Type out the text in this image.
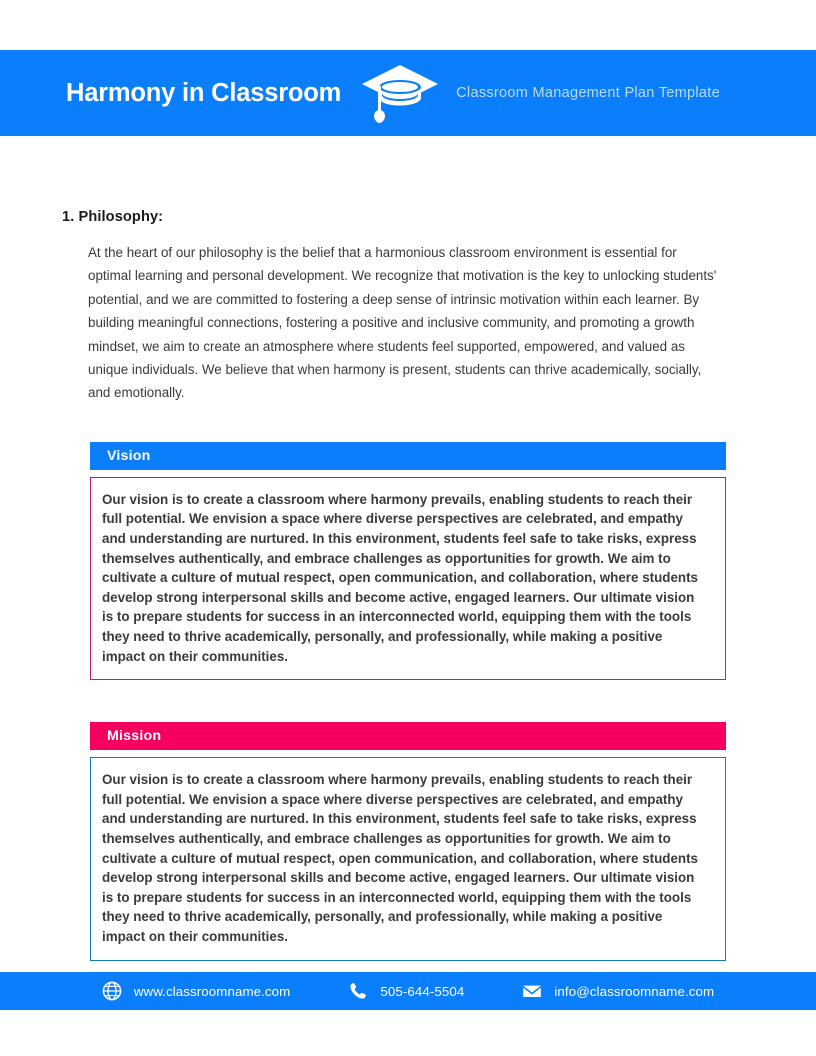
Harmony in Classroom	Classroom Management Plan Template
1. Philosophy:
At the heart of our philosophy is the belief that a harmonious classroom environment is essential for optimal learning and personal development. We recognize that motivation is the key to unlocking students' potential, and we are committed to fostering a deep sense of intrinsic motivation within each learner. By building meaningful connections, fostering a positive and inclusive community, and promoting a growth mindset, we aim to create an atmosphere where students feel supported, empowered, and valued as unique individuals. We believe that when harmony is present, students can thrive academically, socially, and emotionally.
Vision
Our vision is to create a classroom where harmony prevails, enabling students to reach their full potential. We envision a space where diverse perspectives are celebrated, and empathy and understanding are nurtured. In this environment, students feel safe to take risks, express themselves authentically, and embrace challenges as opportunities for growth. We aim to cultivate a culture of mutual respect, open communication, and collaboration, where students develop strong interpersonal skills and become active, engaged learners. Our ultimate vision is to prepare students for success in an interconnected world, equipping them with the tools they need to thrive academically, personally, and professionally, while making a positive impact on their communities.
Mission
Our vision is to create a classroom where harmony prevails, enabling students to reach their full potential. We envision a space where diverse perspectives are celebrated, and empathy and understanding are nurtured. In this environment, students feel safe to take risks, express themselves authentically, and embrace challenges as opportunities for growth. We aim to cultivate a culture of mutual respect, open communication, and collaboration, where students develop strong interpersonal skills and become active, engaged learners. Our ultimate vision is to prepare students for success in an interconnected world, equipping them with the tools they need to thrive academically, personally, and professionally, while making a positive impact on their communities.
www.classroomname.com	505-644-5504	info@classroomname.com
